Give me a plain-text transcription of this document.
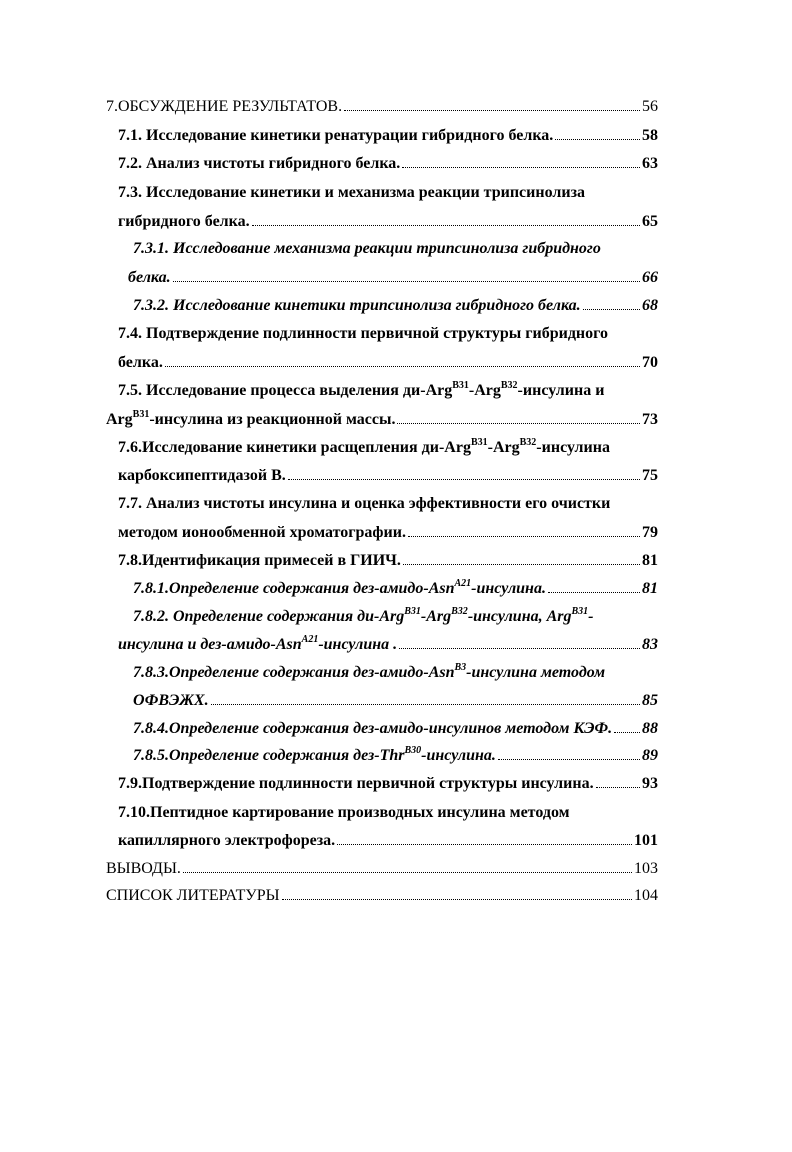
7.ОБСУЖДЕНИЕ РЕЗУЛЬТАТОВ.	56
7.1. Исследование кинетики ренатурации гибридного белка.	58
7.2. Анализ чистоты гибридного белка.	63
7.3. Исследование кинетики и механизма реакции трипсинолиза
гибридного белка.	65
7.3.1. Исследование механизма реакции трипсинолиза гибридного
белка.	66
7.3.2. Исследование кинетики трипсинолиза гибридного белка.	68
7.4. Подтверждение подлинности первичной структуры гибридного
белка.	70
7.5. Исследование процесса выделения ди-Arg$^{B31}$-Arg$^{B32}$-инсулина и
Arg$^{B31}$-инсулина из реакционной массы.	73
7.6.Исследование кинетики расщепления ди-Arg$^{B31}$-Arg$^{B32}$-инсулина
карбоксипептидазой В.	75
7.7. Анализ чистоты инсулина и оценка эффективности его очистки
методом ионообменной хроматографии.	79
7.8.Идентификация примесей в ГИИЧ.	81
7.8.1.Определение содержания дез-амидо-Asn$^{A21}$-инсулина.	81
7.8.2. Определение содержания ди-Arg$^{B31}$-Arg$^{B32}$-инсулина, Arg$^{B31}$-
инсулина и дез-амидо-Asn$^{A21}$-инсулина .	83
7.8.3.Определение содержания дез-амидо-Asn$^{B3}$-инсулина методом
ОФВЭЖХ.	85
7.8.4.Определение содержания дез-амидо-инсулинов методом КЭФ. 88
7.8.5.Определение содержания дез-Thr$^{B30}$-инсулина.	89
7.9.Подтверждение подлинности первичной структуры инсулина.	93
7.10.Пептидное картирование производных инсулина методом
капиллярного электрофореза.	101
ВЫВОДЫ.	103
СПИСОК ЛИТЕРАТУРЫ	104
